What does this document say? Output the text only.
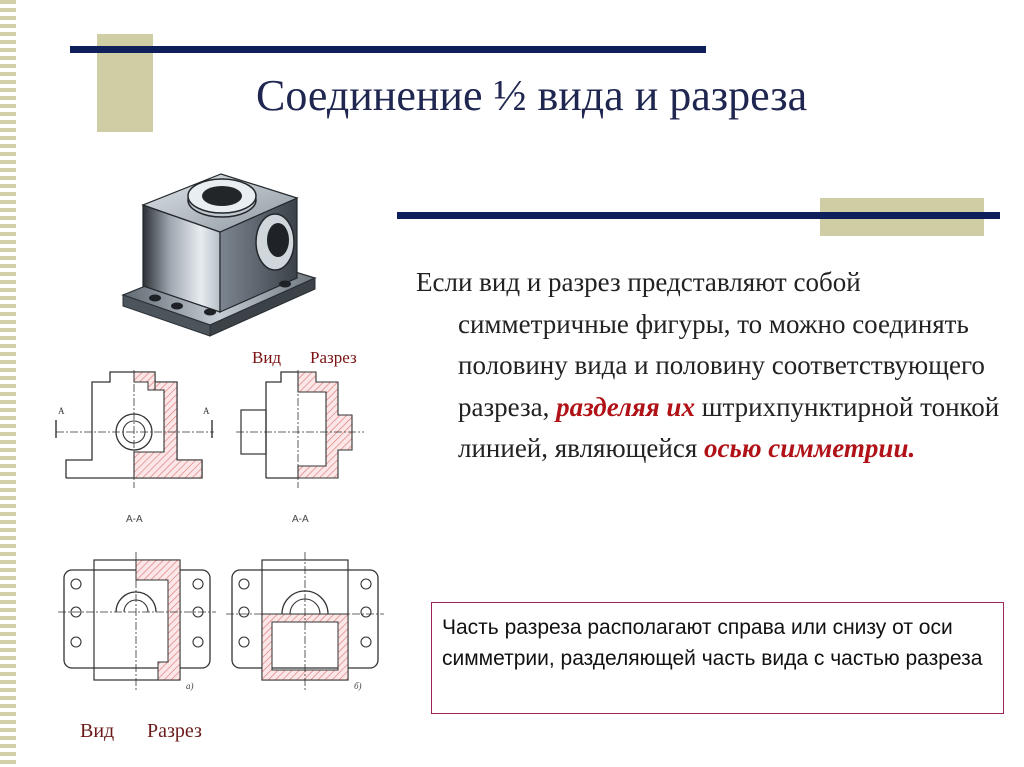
Соединение ½ вида и разреза

Если вид и разрез представляют собой симметричные фигуры, то можно соединять половину вида и половину соответствующего разреза, разделяя их штрихпунктирной тонкой линией, являющейся осью симметрии.

Часть разреза располагают справа или снизу от оси симметрии, разделяющей часть вида с частью разреза
Вид Разрез
А	А
А-А	А-А
а)	б)
Вид Разрез
